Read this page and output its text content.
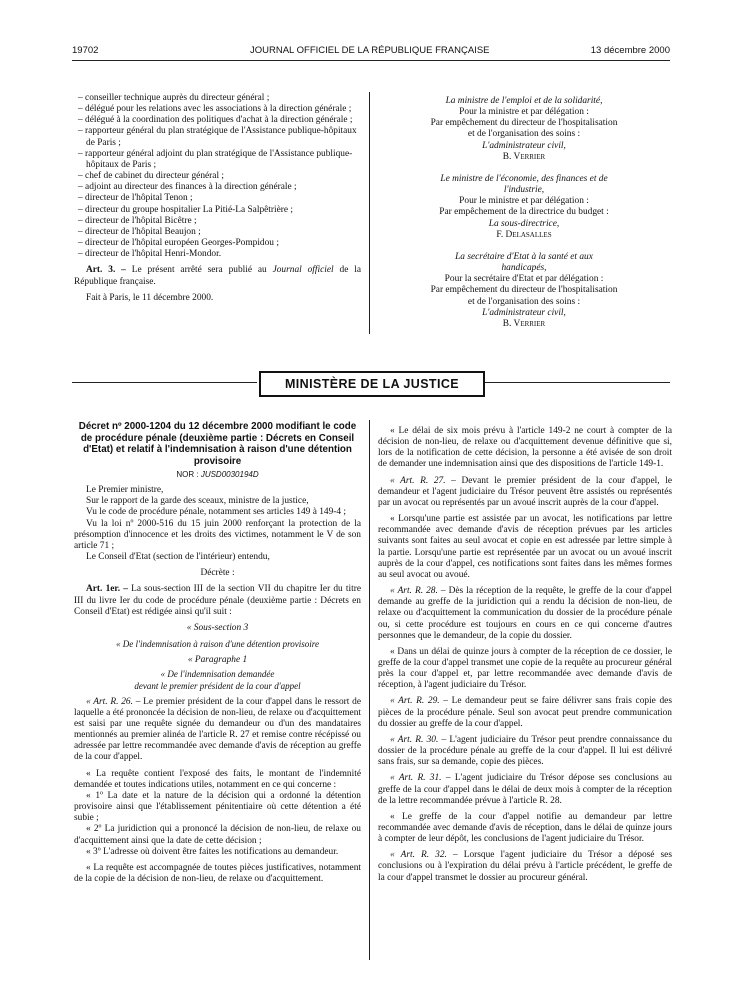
19702	JOURNAL OFFICIEL DE LA RÉPUBLIQUE FRANÇAISE	13 décembre 2000

– conseiller technique auprès du directeur général ;

– délégué pour les relations avec les associations à la direction générale ;

– délégué à la coordination des politiques d'achat à la direction générale ;

– rapporteur général du plan stratégique de l'Assistance publique-hôpitaux de Paris ;

– rapporteur général adjoint du plan stratégique de l'Assistance publique-hôpitaux de Paris ;

– chef de cabinet du directeur général ;

– adjoint au directeur des finances à la direction générale ;

– directeur de l'hôpital Tenon ;

– directeur du groupe hospitalier La Pitié-La Salpêtrière ;

– directeur de l'hôpital Bicêtre ;

– directeur de l'hôpital Beaujon ;

– directeur de l'hôpital européen Georges-Pompidou ;

– directeur de l'hôpital Henri-Mondor.

Art. 3. – Le présent arrêté sera publié au Journal officiel de la République française.

Fait à Paris, le 11 décembre 2000.

La ministre de l'emploi et de la solidarité,

Pour la ministre et par délégation :

Par empêchement du directeur de l'hospitalisation

et de l'organisation des soins :

L'administrateur civil,

B. Verrier

Le ministre de l'économie, des finances et de l'industrie,

Pour le ministre et par délégation :

Par empêchement de la directrice du budget :

La sous-directrice,

F. Delasalles

La secrétaire d'Etat à la santé et aux handicapés,

Pour la secrétaire d'Etat et par délégation :

Par empêchement du directeur de l'hospitalisation

et de l'organisation des soins :

L'administrateur civil,

B. Verrier

MINISTÈRE DE LA JUSTICE

Décret nº 2000-1204 du 12 décembre 2000 modifiant le code de procédure pénale (deuxième partie : Décrets en Conseil d'Etat) et relatif à l'indemnisation à raison d'une détention provisoire

NOR : JUSD0030194D

Le Premier ministre,

Sur le rapport de la garde des sceaux, ministre de la justice,

Vu le code de procédure pénale, notamment ses articles 149 à 149-4 ;

Vu la loi nº 2000-516 du 15 juin 2000 renforçant la protection de la présomption d'innocence et les droits des victimes, notamment le V de son article 71 ;

Le Conseil d'Etat (section de l'intérieur) entendu,

Décrète :

Art. 1er. – La sous-section III de la section VII du chapitre Ier du titre III du livre Ier du code de procédure pénale (deuxième partie : Décrets en Conseil d'Etat) est rédigée ainsi qu'il suit :

« Sous-section 3

« De l'indemnisation à raison d'une détention provisoire

« Paragraphe 1

« De l'indemnisation demandée

devant le premier président de la cour d'appel

« Art. R. 26. – Le premier président de la cour d'appel dans le ressort de laquelle a été prononcée la décision de non-lieu, de relaxe ou d'acquittement est saisi par une requête signée du demandeur ou d'un des mandataires mentionnés au premier alinéa de l'article R. 27 et remise contre récépissé ou adressée par lettre recommandée avec demande d'avis de réception au greffe de la cour d'appel.

« La requête contient l'exposé des faits, le montant de l'indemnité demandée et toutes indications utiles, notamment en ce qui concerne :

« 1º La date et la nature de la décision qui a ordonné la détention provisoire ainsi que l'établissement pénitentiaire où cette détention a été subie ;

« 2º La juridiction qui a prononcé la décision de non-lieu, de relaxe ou d'acquittement ainsi que la date de cette décision ;

« 3º L'adresse où doivent être faites les notifications au demandeur.

« La requête est accompagnée de toutes pièces justificatives, notamment de la copie de la décision de non-lieu, de relaxe ou d'acquittement.

« Le délai de six mois prévu à l'article 149-2 ne court à compter de la décision de non-lieu, de relaxe ou d'acquittement devenue définitive que si, lors de la notification de cette décision, la personne a été avisée de son droit de demander une indemnisation ainsi que des dispositions de l'article 149-1.

« Art. R. 27. – Devant le premier président de la cour d'appel, le demandeur et l'agent judiciaire du Trésor peuvent être assistés ou représentés par un avocat ou représentés par un avoué inscrit auprès de la cour d'appel.

« Lorsqu'une partie est assistée par un avocat, les notifications par lettre recommandée avec demande d'avis de réception prévues par les articles suivants sont faites au seul avocat et copie en est adressée par lettre simple à la partie. Lorsqu'une partie est représentée par un avocat ou un avoué inscrit auprès de la cour d'appel, ces notifications sont faites dans les mêmes formes au seul avocat ou avoué.

« Art. R. 28. – Dès la réception de la requête, le greffe de la cour d'appel demande au greffe de la juridiction qui a rendu la décision de non-lieu, de relaxe ou d'acquittement la communication du dossier de la procédure pénale ou, si cette procédure est toujours en cours en ce qui concerne d'autres personnes que le demandeur, de la copie du dossier.

« Dans un délai de quinze jours à compter de la réception de ce dossier, le greffe de la cour d'appel transmet une copie de la requête au procureur général près la cour d'appel et, par lettre recommandée avec demande d'avis de réception, à l'agent judiciaire du Trésor.

« Art. R. 29. – Le demandeur peut se faire délivrer sans frais copie des pièces de la procédure pénale. Seul son avocat peut prendre communication du dossier au greffe de la cour d'appel.

« Art. R. 30. – L'agent judiciaire du Trésor peut prendre connaissance du dossier de la procédure pénale au greffe de la cour d'appel. Il lui est délivré sans frais, sur sa demande, copie des pièces.

« Art. R. 31. – L'agent judiciaire du Trésor dépose ses conclusions au greffe de la cour d'appel dans le délai de deux mois à compter de la réception de la lettre recommandée prévue à l'article R. 28.

« Le greffe de la cour d'appel notifie au demandeur par lettre recommandée avec demande d'avis de réception, dans le délai de quinze jours à compter de leur dépôt, les conclusions de l'agent judiciaire du Trésor.

« Art. R. 32. – Lorsque l'agent judiciaire du Trésor a déposé ses conclusions ou à l'expiration du délai prévu à l'article précédent, le greffe de la cour d'appel transmet le dossier au procureur général.
